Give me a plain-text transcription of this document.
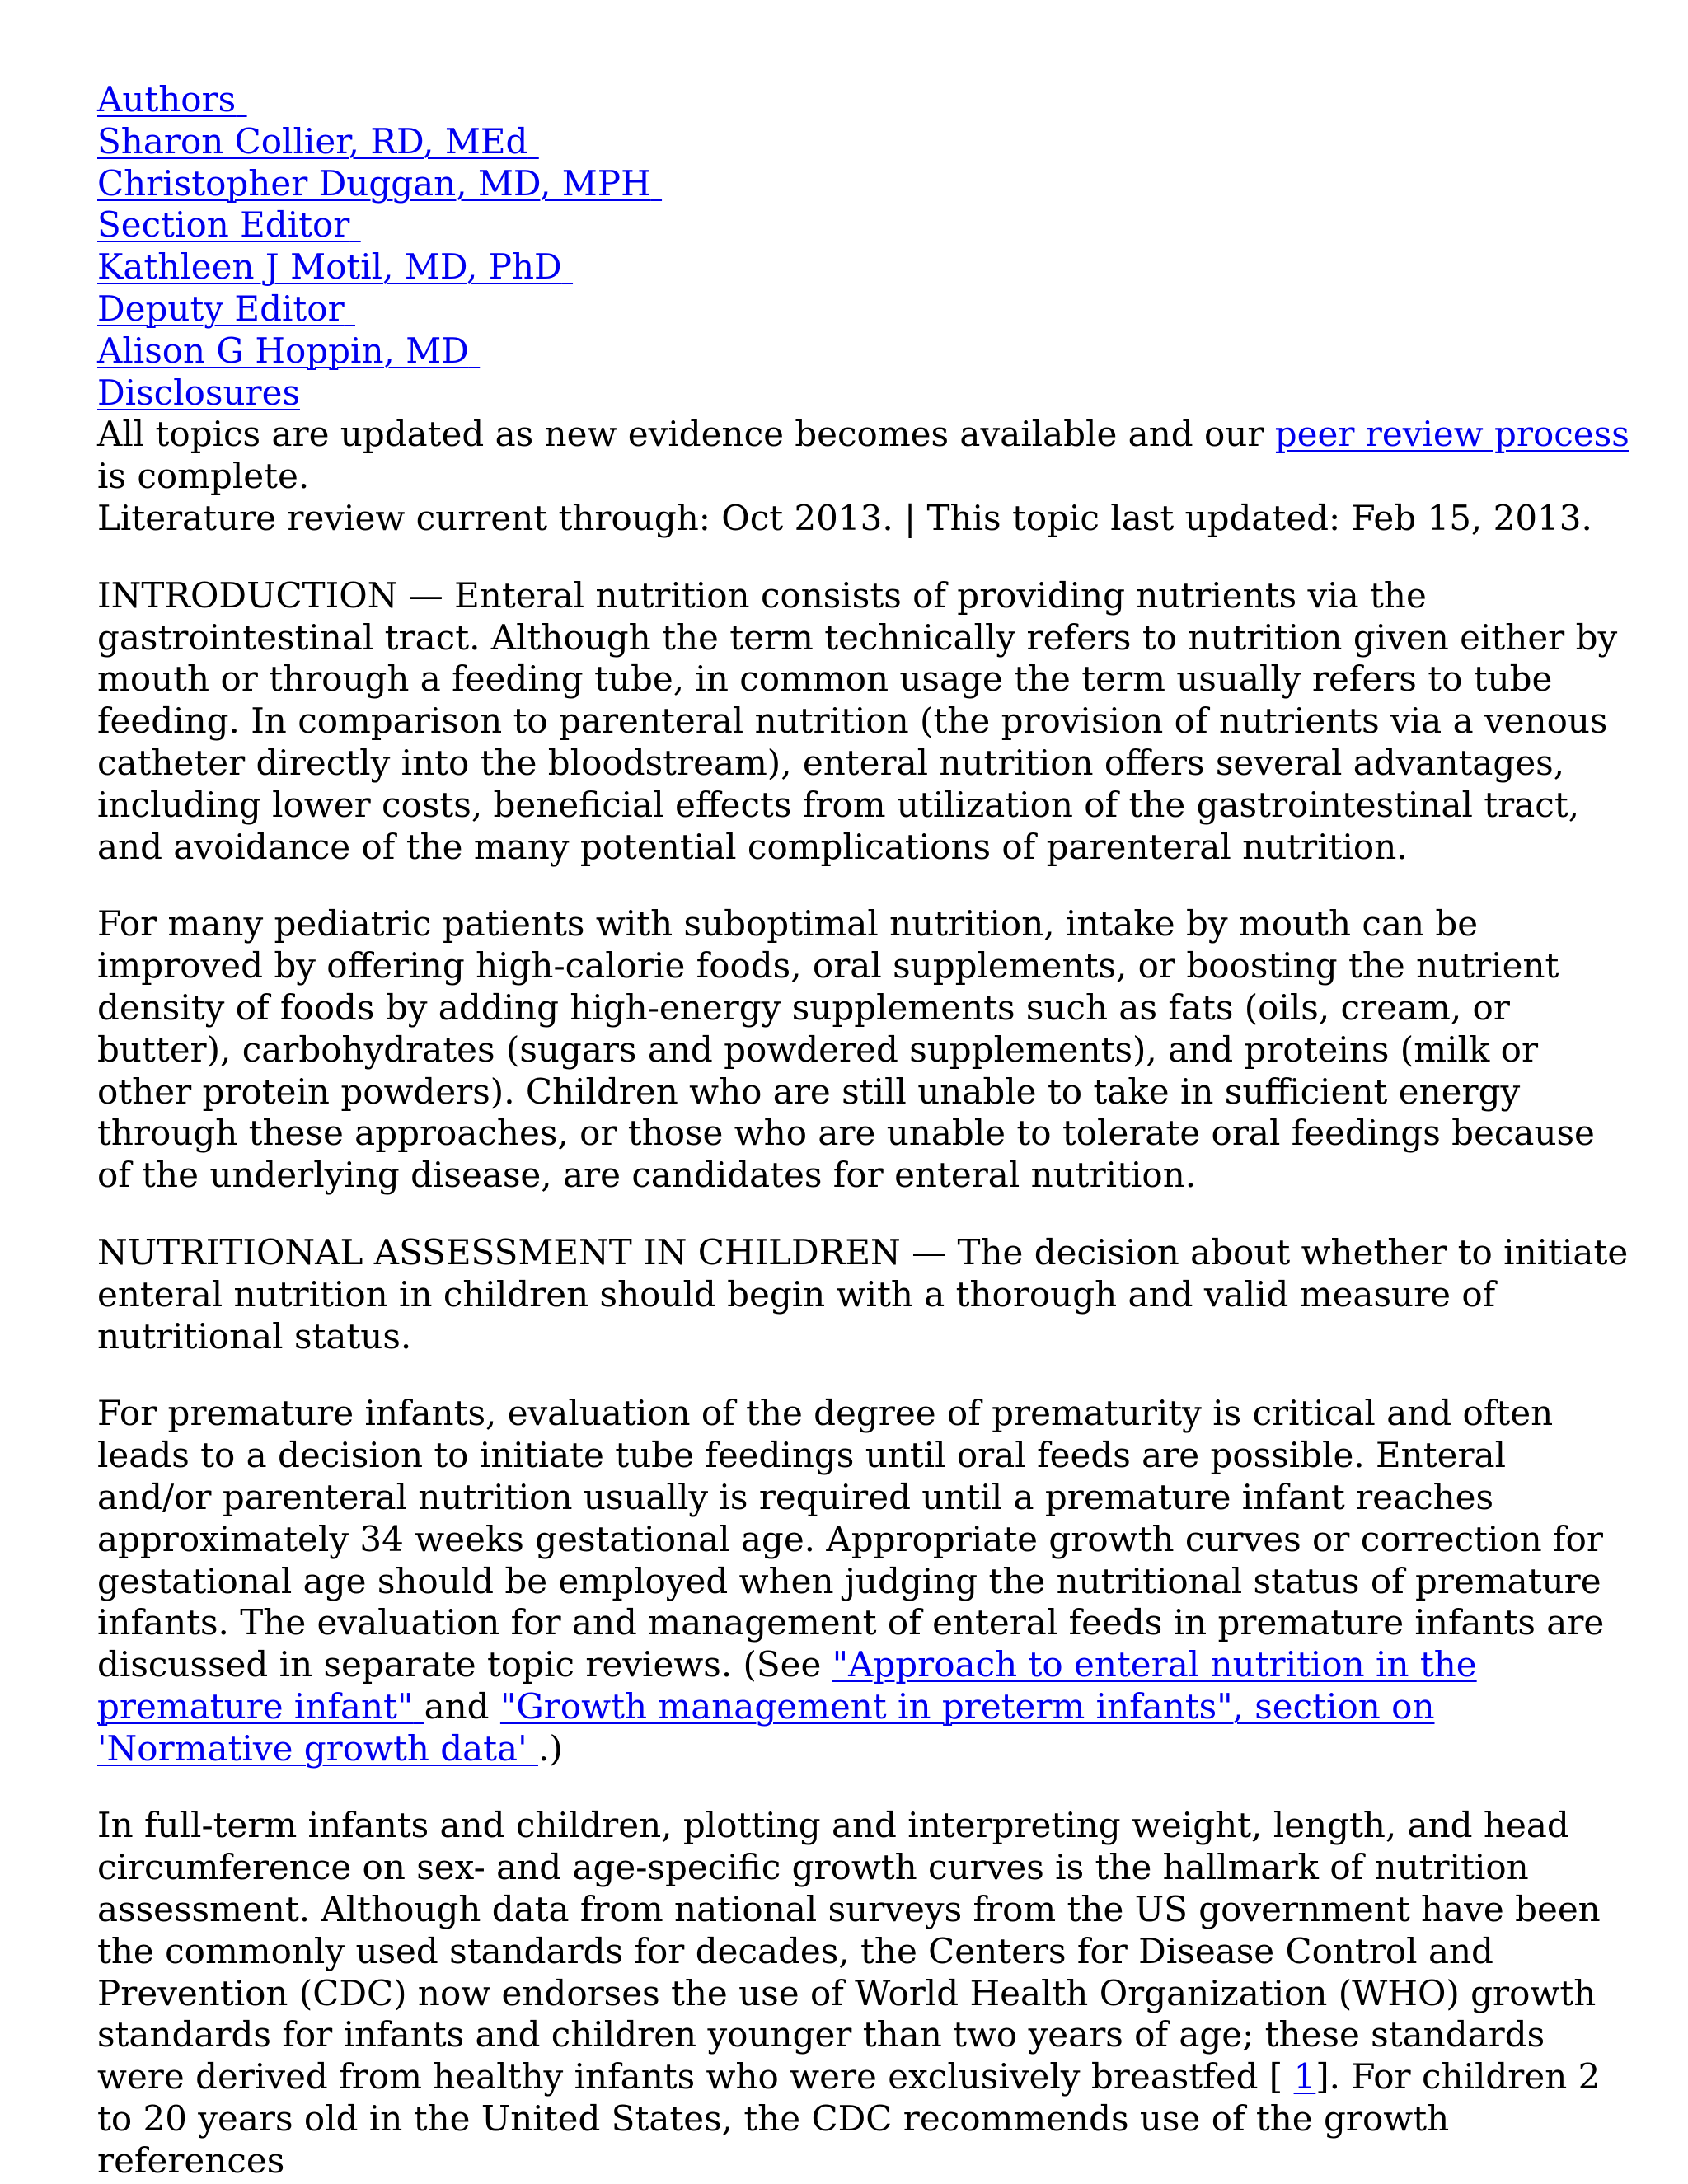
Authors
Sharon Collier, RD, MEd
Christopher Duggan, MD, MPH
Section Editor
Kathleen J Motil, MD, PhD
Deputy Editor
Alison G Hoppin, MD
Disclosures

All topics are updated as new evidence becomes available and our peer review process is complete.

Literature review current through: Oct 2013. | This topic last updated: Feb 15, 2013.

INTRODUCTION — Enteral nutrition consists of providing nutrients via the gastrointestinal tract. Although the term technically refers to nutrition given either by mouth or through a feeding tube, in common usage the term usually refers to tube feeding. In comparison to parenteral nutrition (the provision of nutrients via a venous catheter directly into the bloodstream), enteral nutrition offers several advantages, including lower costs, beneficial effects from utilization of the gastrointestinal tract, and avoidance of the many potential complications of parenteral nutrition.

For many pediatric patients with suboptimal nutrition, intake by mouth can be improved by offering high-calorie foods, oral supplements, or boosting the nutrient density of foods by adding high-energy supplements such as fats (oils, cream, or butter), carbohydrates (sugars and powdered supplements), and proteins (milk or other protein powders). Children who are still unable to take in sufficient energy through these approaches, or those who are unable to tolerate oral feedings because of the underlying disease, are candidates for enteral nutrition.

NUTRITIONAL ASSESSMENT IN CHILDREN — The decision about whether to initiate enteral nutrition in children should begin with a thorough and valid measure of nutritional status.

For premature infants, evaluation of the degree of prematurity is critical and often leads to a decision to initiate tube feedings until oral feeds are possible. Enteral and/or parenteral nutrition usually is required until a premature infant reaches approximately 34 weeks gestational age. Appropriate growth curves or correction for gestational age should be employed when judging the nutritional status of premature infants. The evaluation for and management of enteral feeds in premature infants are discussed in separate topic reviews. (See "Approach to enteral nutrition in the premature infant" and "Growth management in preterm infants", section on 'Normative growth data' .)

In full-term infants and children, plotting and interpreting weight, length, and head circumference on sex- and age-specific growth curves is the hallmark of nutrition assessment. Although data from national surveys from the US government have been the commonly used standards for decades, the Centers for Disease Control and Prevention (CDC) now endorses the use of World Health Organization (WHO) growth standards for infants and children younger than two years of age; these standards were derived from healthy infants who were exclusively breastfed [ 1]. For children 2 to 20 years old in the United States, the CDC recommends use of the growth references
